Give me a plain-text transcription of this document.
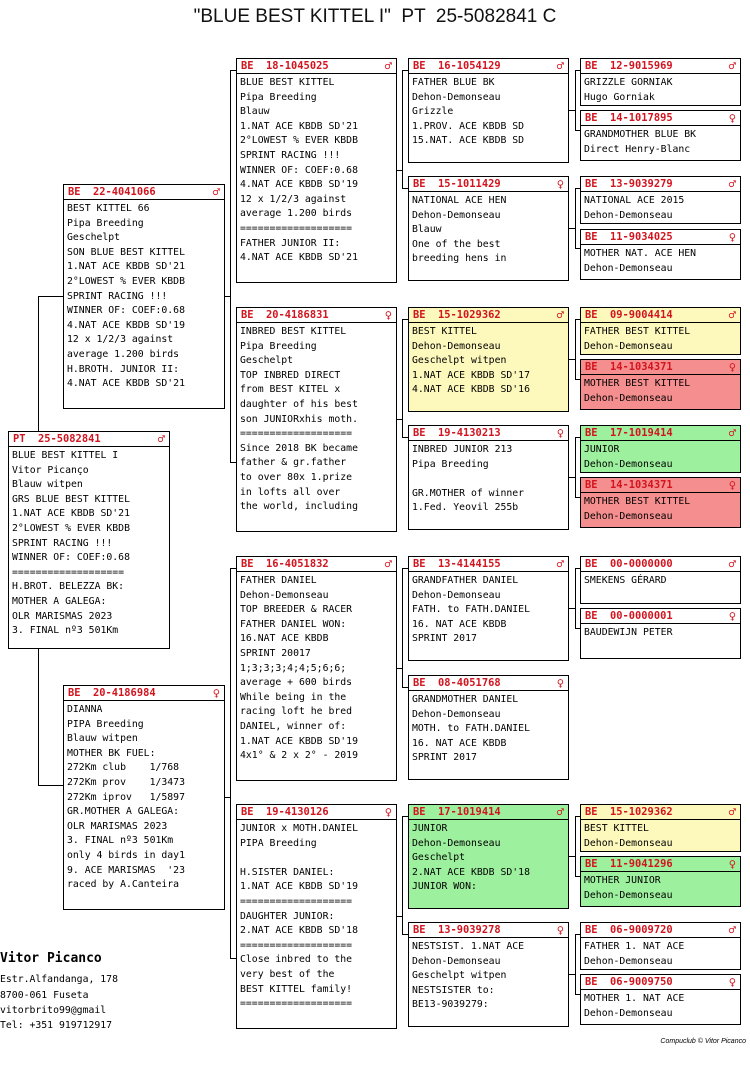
"BLUE BEST KITTEL I"  PT  25-5082841 C
PT  25-5082841	♂
BLUE BEST KITTEL I
Vitor Picanço
Blauw witpen
GRS BLUE BEST KITTEL
1.NAT ACE KBDB SD'21
2°LOWEST % EVER KBDB
SPRINT RACING !!!
WINNER OF: COEF:0.68
===================
H.BROT. BELEZZA BK:
MOTHER A GALEGA:
OLR MARISMAS 2023
3. FINAL nº3 501Km
BE  22-4041066	♂
BEST KITTEL 66
Pipa Breeding
Geschelpt
SON BLUE BEST KITTEL
1.NAT ACE KBDB SD'21
2°LOWEST % EVER KBDB
SPRINT RACING !!!
WINNER OF: COEF:0.68
4.NAT ACE KBDB SD'19
12 x 1/2/3 against
average 1.200 birds
H.BROTH. JUNIOR II:
4.NAT ACE KBDB SD'21
BE  20-4186984	♀
DIANNA
PIPA Breeding
Blauw witpen
MOTHER BK FUEL:
272Km club    1/768
272Km prov    1/3473
272Km iprov   1/5897
GR.MOTHER A GALEGA:
OLR MARISMAS 2023
3. FINAL nº3 501Km
only 4 birds in day1
9. ACE MARISMAS  '23
raced by A.Canteira
BE  18-1045025	♂
BLUE BEST KITTEL
Pipa Breeding
Blauw
1.NAT ACE KBDB SD'21
2°LOWEST % EVER KBDB
SPRINT RACING !!!
WINNER OF: COEF:0.68
4.NAT ACE KBDB SD'19
12 x 1/2/3 against
average 1.200 birds
===================
FATHER JUNIOR II:
4.NAT ACE KBDB SD'21
BE  20-4186831	♀
INBRED BEST KITTEL
Pipa Breeding
Geschelpt
TOP INBRED DIRECT
from BEST KITEL x
daughter of his best
son JUNIORxhis moth.
===================
Since 2018 BK became
father & gr.father
to over 80x 1.prize
in lofts all over
the world, including
BE  16-4051832	♂
FATHER DANIEL
Dehon-Demonseau
TOP BREEDER & RACER
FATHER DANIEL WON:
16.NAT ACE KBDB
SPRINT 20017
1;3;3;3;4;4;5;6;6;
average + 600 birds
While being in the
racing loft he bred
DANIEL, winner of:
1.NAT ACE KBDB SD'19
4x1° & 2 x 2° - 2019
BE  19-4130126	♀
JUNIOR x MOTH.DANIEL
PIPA Breeding
H.SISTER DANIEL:
1.NAT ACE KBDB SD'19
===================
DAUGHTER JUNIOR:
2.NAT ACE KBDB SD'18
===================
Close inbred to the
very best of the
BEST KITTEL family!
===================
BE  16-1054129	♂
FATHER BLUE BK
Dehon-Demonseau
Grizzle
1.PROV. ACE KBDB SD
15.NAT. ACE KBDB SD
BE  15-1011429	♀
NATIONAL ACE HEN
Dehon-Demonseau
Blauw
One of the best
breeding hens in
BE  15-1029362	♂
BEST KITTEL
Dehon-Demonseau
Geschelpt witpen
1.NAT ACE KBDB SD'17
4.NAT ACE KBDB SD'16
BE  19-4130213	♀
INBRED JUNIOR 213
Pipa Breeding
GR.MOTHER of winner
1.Fed. Yeovil 255b
BE  13-4144155	♂
GRANDFATHER DANIEL
Dehon-Demonseau
FATH. to FATH.DANIEL
16. NAT ACE KBDB
SPRINT 2017
BE  08-4051768	♀
GRANDMOTHER DANIEL
Dehon-Demonseau
MOTH. to FATH.DANIEL
16. NAT ACE KBDB
SPRINT 2017
BE  17-1019414	♂
JUNIOR
Dehon-Demonseau
Geschelpt
2.NAT ACE KBDB SD'18
JUNIOR WON:
BE  13-9039278	♀
NESTSIST. 1.NAT ACE
Dehon-Demonseau
Geschelpt witpen
NESTSISTER to:
BE13-9039279:
BE  12-9015969	♂
GRIZZLE GORNIAK
Hugo Gorniak
BE  14-1017895	♀
GRANDMOTHER BLUE BK
Direct Henry-Blanc
BE  13-9039279	♂
NATIONAL ACE 2015
Dehon-Demonseau
BE  11-9034025	♀
MOTHER NAT. ACE HEN
Dehon-Demonseau
BE  09-9004414	♂
FATHER BEST KITTEL
Dehon-Demonseau
BE  14-1034371	♀
MOTHER BEST KITTEL
Dehon-Demonseau
BE  17-1019414	♂
JUNIOR
Dehon-Demonseau
BE  14-1034371	♀
MOTHER BEST KITTEL
Dehon-Demonseau
BE  00-0000000	♂
SMEKENS GÉRARD
BE  00-0000001	♀
BAUDEWIJN PETER
BE  15-1029362	♂
BEST KITTEL
Dehon-Demonseau
BE  11-9041296	♀
MOTHER JUNIOR
Dehon-Demonseau
BE  06-9009720	♂
FATHER 1. NAT ACE
Dehon-Demonseau
BE  06-9009750	♀
MOTHER 1. NAT ACE
Dehon-Demonseau
Vitor Picanco
Estr.Alfandanga, 178
8700-061 Fuseta
vitorbrito99@gmail
Tel: +351 919712917
Compuclub © Vitor Picanco
